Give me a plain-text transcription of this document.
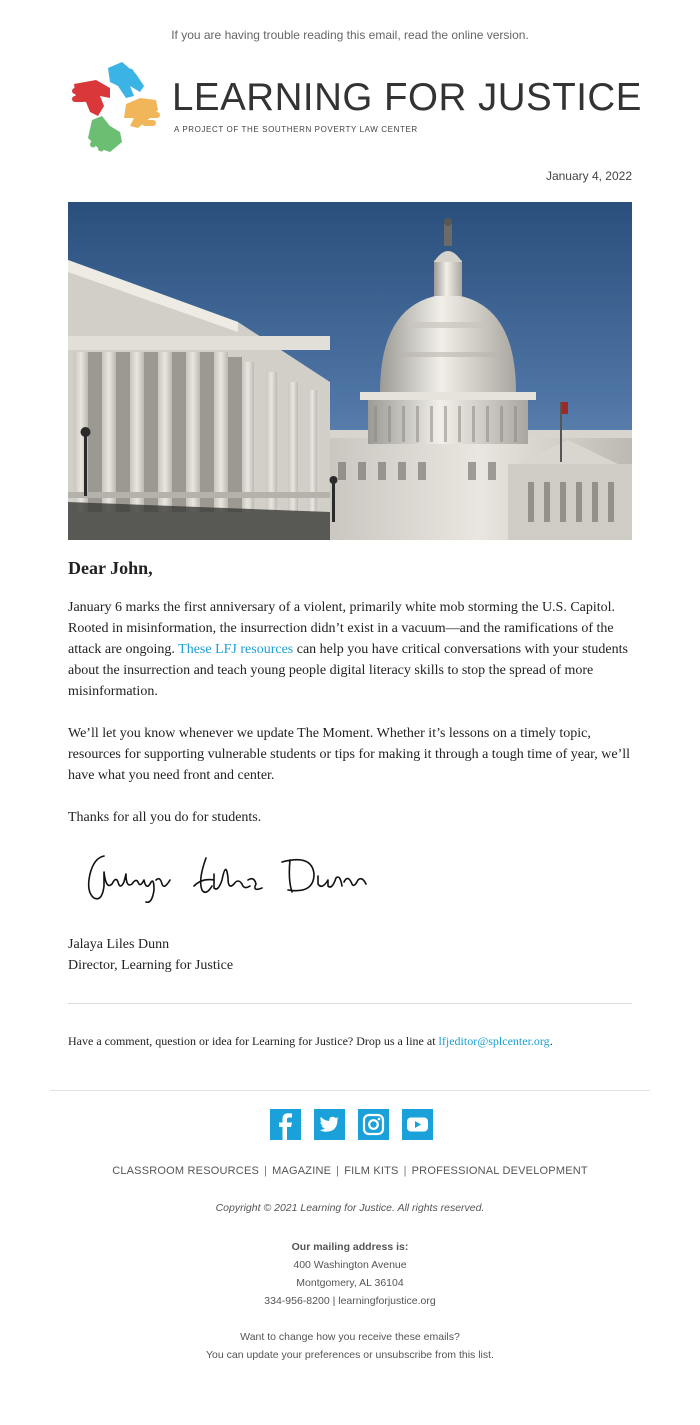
If you are having trouble reading this email, read the online version.
LEARNING FOR JUSTICE
A PROJECT OF THE SOUTHERN POVERTY LAW CENTER
January 4, 2022
Dear John,

January 6 marks the first anniversary of a violent, primarily white mob storming the U.S. Capitol. Rooted in misinformation, the insurrection didn’t exist in a vacuum—and the ramifications of the attack are ongoing. These LFJ resources can help you have critical conversations with your students about the insurrection and teach young people digital literacy skills to stop the spread of more misinformation.

We’ll let you know whenever we update The Moment. Whether it’s lessons on a timely topic, resources for supporting vulnerable students or tips for making it through a tough time of year, we’ll have what you need front and center.

Thanks for all you do for students.

Jalaya Liles Dunn
Jalaya Liles Dunn
Director, Learning for Justice
Have a comment, question or idea for Learning for Justice? Drop us a line at lfjeditor@splcenter.org.
CLASSROOM RESOURCES | MAGAZINE | FILM KITS | PROFESSIONAL DEVELOPMENT
Copyright © 2021 Learning for Justice. All rights reserved.
Our mailing address is:
400 Washington Avenue
Montgomery, AL 36104
334-956-8200 | learningforjustice.org
Want to change how you receive these emails?
You can update your preferences or unsubscribe from this list.
